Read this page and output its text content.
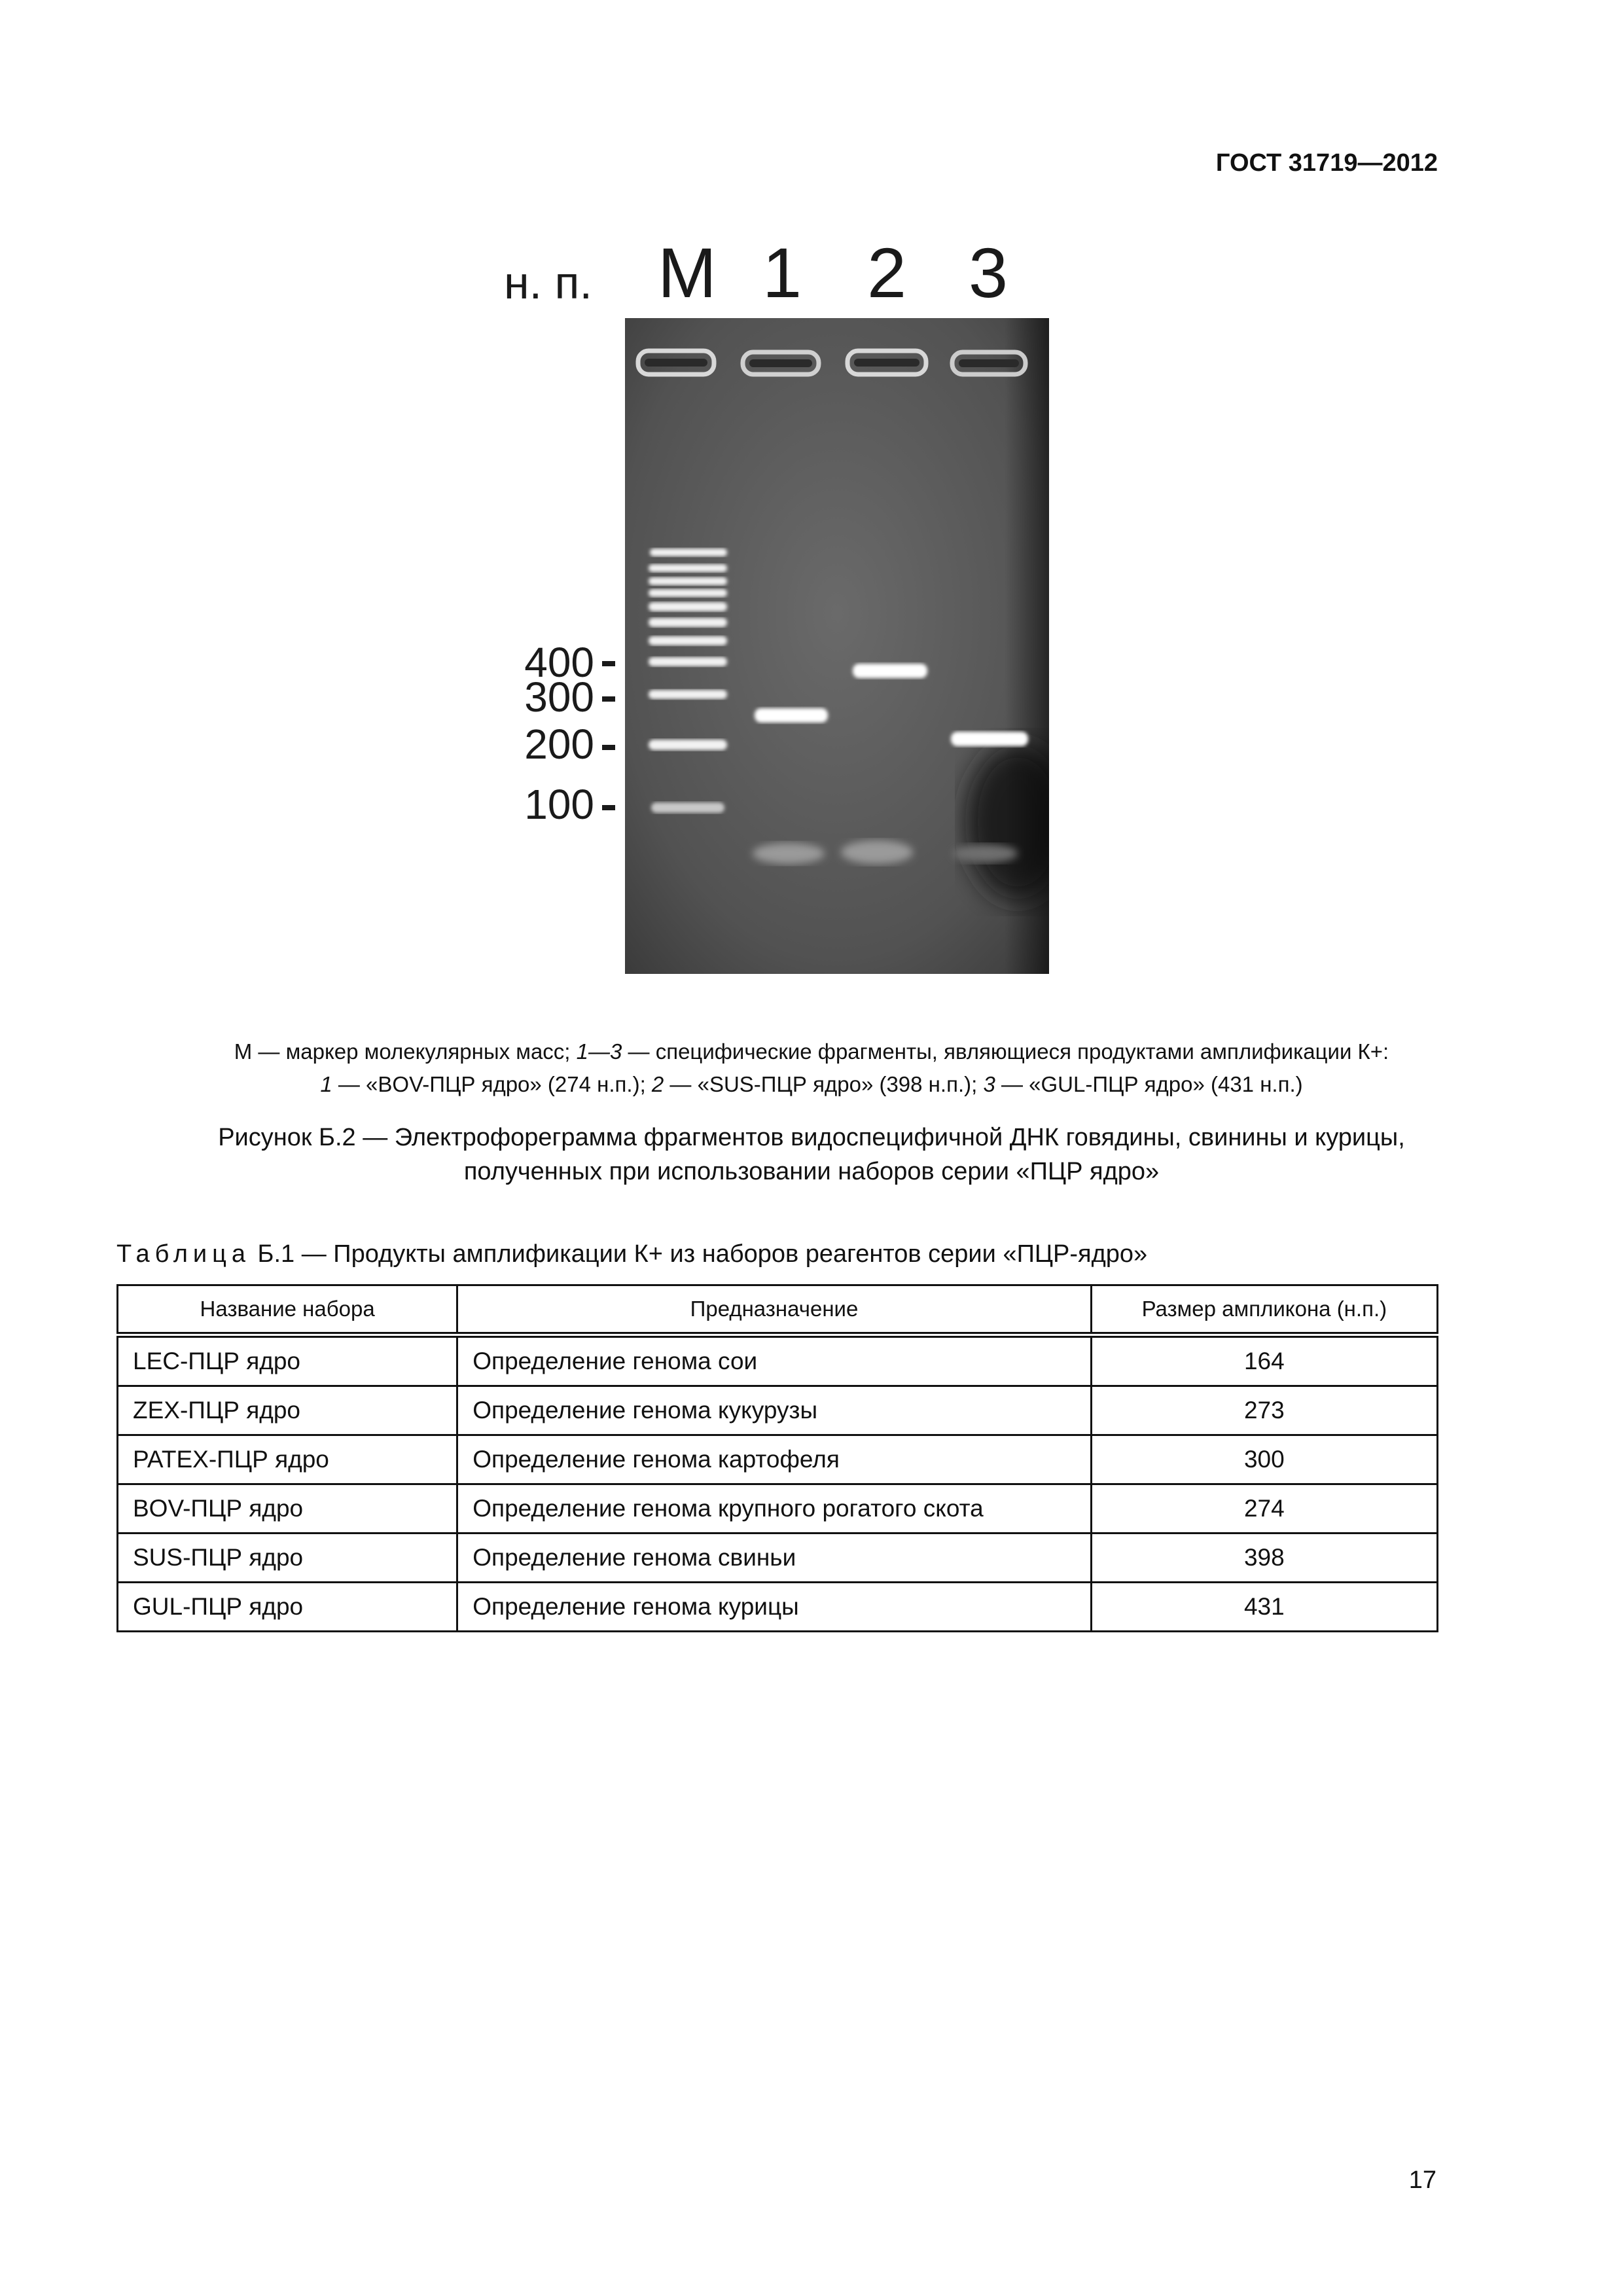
ГОСТ 31719—2012
н. п. M 1 2 3
400
300
200
100
М — маркер молекулярных масс; 1—3 — специфические фрагменты, являющиеся продуктами амплификации К+:
1 — «BOV-ПЦР ядро» (274 н.п.); 2 — «SUS-ПЦР ядро» (398 н.п.); 3 — «GUL-ПЦР ядро» (431 н.п.)
Рисунок Б.2 — Электрофореграмма фрагментов видоспецифичной ДНК говядины, свинины и курицы,
полученных при использовании наборов серии «ПЦР ядро»
Таблица Б.1 — Продукты амплификации К+ из наборов реагентов серии «ПЦР-ядро»
Название набора	Предназначение	Размер ампликона (н.п.)
LEC-ПЦР ядро	Определение генома сои	164
ZEX-ПЦР ядро	Определение генома кукурузы	273
PATEX-ПЦР ядро	Определение генома картофеля	300
BOV-ПЦР ядро	Определение генома крупного рогатого скота	274
SUS-ПЦР ядро	Определение генома свиньи	398
GUL-ПЦР ядро	Определение генома курицы	431
17
